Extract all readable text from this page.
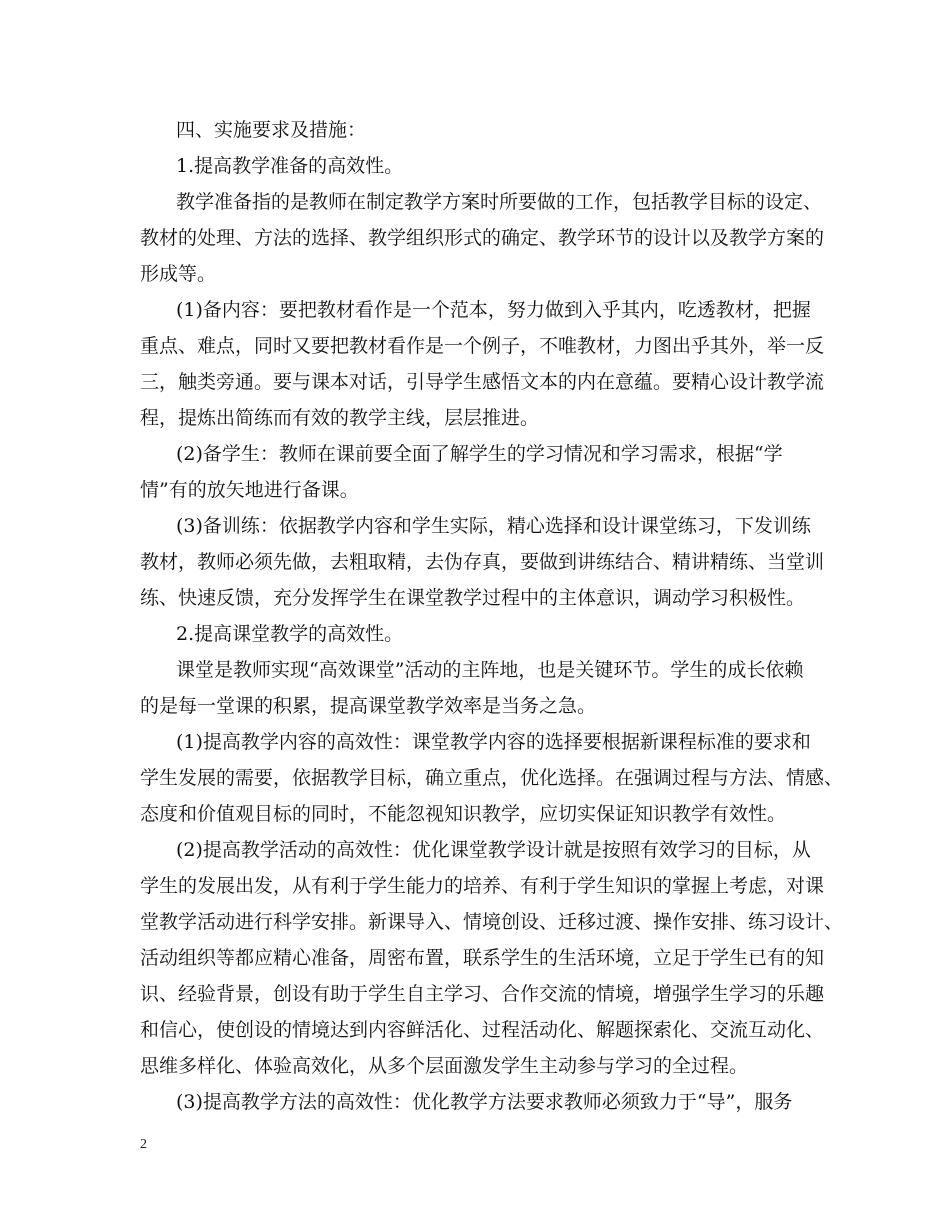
四、实施要求及措施：
1.提高教学准备的高效性。
教学准备指的是教师在制定教学方案时所要做的工作，包括教学目标的设定、
教材的处理、方法的选择、教学组织形式的确定、教学环节的设计以及教学方案的
形成等。
(1)备内容：要把教材看作是一个范本，努力做到入乎其内，吃透教材，把握
重点、难点，同时又要把教材看作是一个例子，不唯教材，力图出乎其外，举一反
三，触类旁通。要与课本对话，引导学生感悟文本的内在意蕴。要精心设计教学流
程，提炼出简练而有效的教学主线，层层推进。
(2)备学生：教师在课前要全面了解学生的学习情况和学习需求，根据“学
情”有的放矢地进行备课。
(3)备训练：依据教学内容和学生实际，精心选择和设计课堂练习，下发训练
教材，教师必须先做，去粗取精，去伪存真，要做到讲练结合、精讲精练、当堂训
练、快速反馈，充分发挥学生在课堂教学过程中的主体意识，调动学习积极性。
2.提高课堂教学的高效性。
课堂是教师实现“高效课堂”活动的主阵地，也是关键环节。学生的成长依赖
的是每一堂课的积累，提高课堂教学效率是当务之急。
(1)提高教学内容的高效性：课堂教学内容的选择要根据新课程标准的要求和
学生发展的需要，依据教学目标，确立重点，优化选择。在强调过程与方法、情感、
态度和价值观目标的同时，不能忽视知识教学，应切实保证知识教学有效性。
(2)提高教学活动的高效性：优化课堂教学设计就是按照有效学习的目标，从
学生的发展出发，从有利于学生能力的培养、有利于学生知识的掌握上考虑，对课
堂教学活动进行科学安排。新课导入、情境创设、迁移过渡、操作安排、练习设计、
活动组织等都应精心准备，周密布置，联系学生的生活环境，立足于学生已有的知
识、经验背景，创设有助于学生自主学习、合作交流的情境，增强学生学习的乐趣
和信心，使创设的情境达到内容鲜活化、过程活动化、解题探索化、交流互动化、
思维多样化、体验高效化，从多个层面激发学生主动参与学习的全过程。
(3)提高教学方法的高效性：优化教学方法要求教师必须致力于“导”，服务
2
